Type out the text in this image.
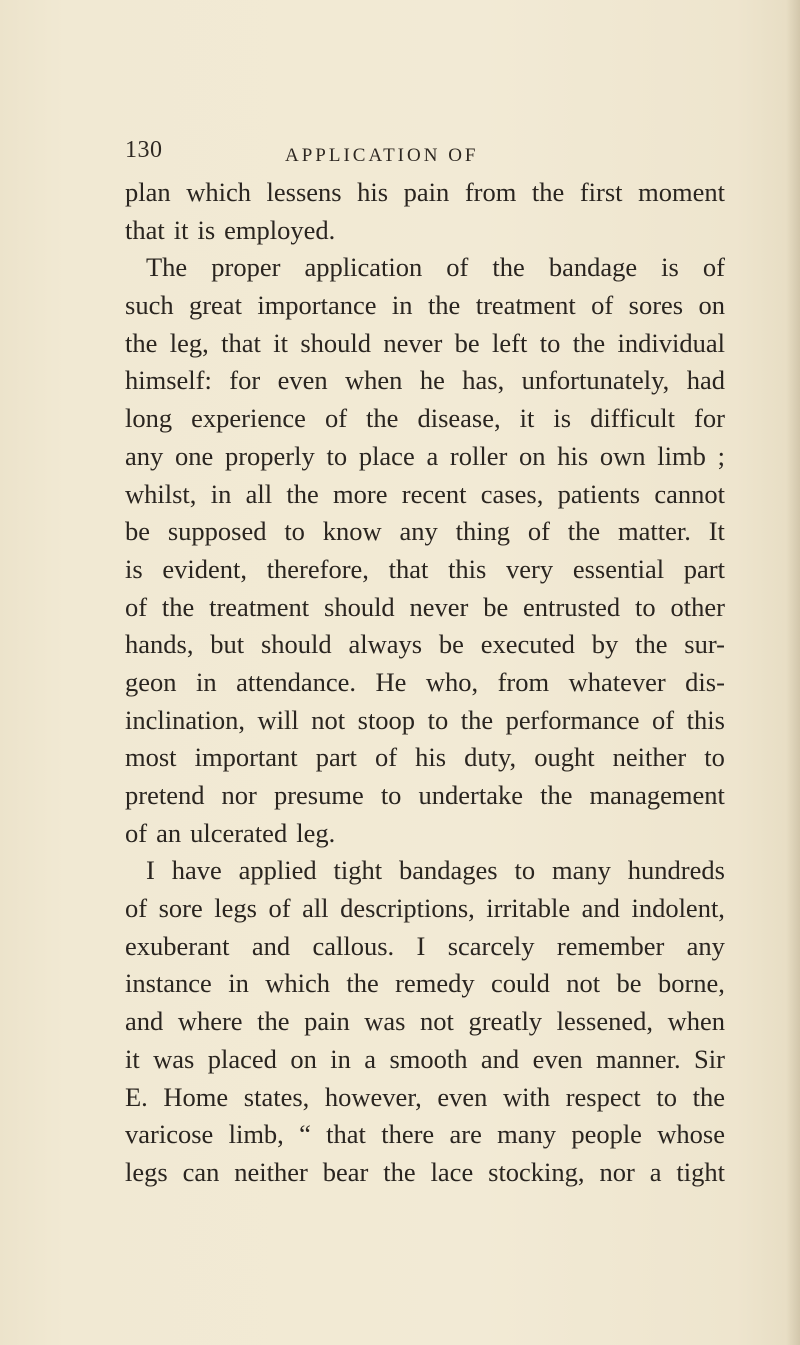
130	APPLICATION OF
plan which lessens his pain from the first moment
that it is employed.
The proper application of the bandage is of
such great importance in the treatment of sores on
the leg, that it should never be left to the individual
himself: for even when he has, unfortunately, had
long experience of the disease, it is difficult for
any one properly to place a roller on his own limb ;
whilst, in all the more recent cases, patients cannot
be supposed to know any thing of the matter. It
is evident, therefore, that this very essential part
of the treatment should never be entrusted to other
hands, but should always be executed by the sur-
geon in attendance. He who, from whatever dis-
inclination, will not stoop to the performance of this
most important part of his duty, ought neither to
pretend nor presume to undertake the management
of an ulcerated leg.
I have applied tight bandages to many hundreds
of sore legs of all descriptions, irritable and indolent,
exuberant and callous. I scarcely remember any
instance in which the remedy could not be borne,
and where the pain was not greatly lessened, when
it was placed on in a smooth and even manner. Sir
E. Home states, however, even with respect to the
varicose limb, “ that there are many people whose
legs can neither bear the lace stocking, nor a tight
